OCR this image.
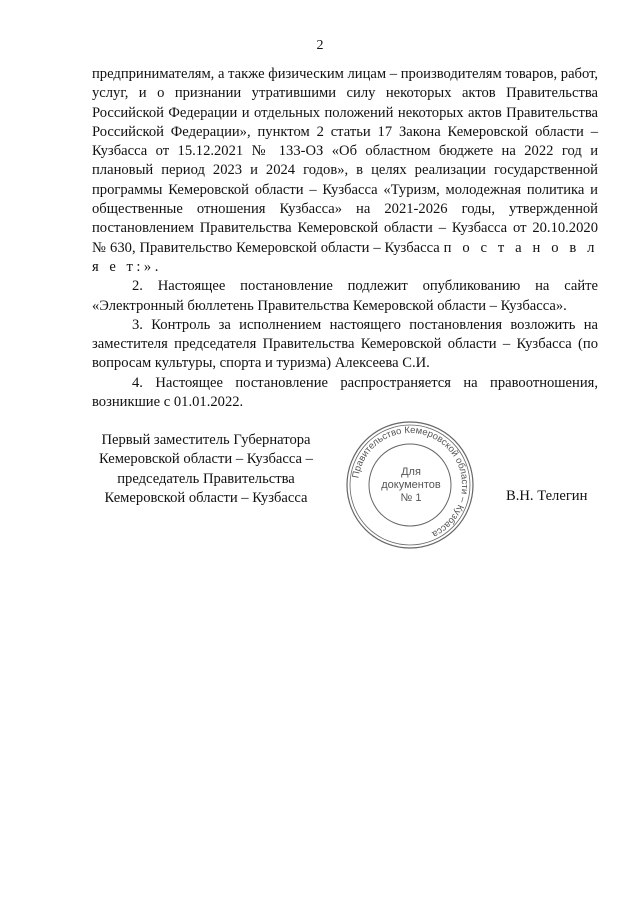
2

предпринимателям, а также физическим лицам – производителям товаров, работ, услуг, и о признании утратившими силу некоторых актов Правительства Российской Федерации и отдельных положений некоторых актов Правительства Российской Федерации», пунктом 2 статьи 17 Закона Кемеровской области – Кузбасса от 15.12.2021 № 133-ОЗ «Об областном бюджете на 2022 год и плановый период 2023 и 2024 годов», в целях реализации государственной программы Кемеровской области – Кузбасса «Туризм, молодежная политика и общественные отношения Кузбасса» на 2021-2026 годы, утвержденной постановлением Правительства Кемеровской области – Кузбасса от 20.10.2020 № 630, Правительство Кемеровской области – Кузбасса п о с т а н о в л я е т:».

2. Настоящее постановление подлежит опубликованию на сайте «Электронный бюллетень Правительства Кемеровской области – Кузбасса».

3. Контроль за исполнением настоящего постановления возложить на заместителя председателя Правительства Кемеровской области – Кузбасса (по вопросам культуры, спорта и туризма) Алексеева С.И.

4. Настоящее постановление распространяется на правоотношения, возникшие с 01.01.2022.

Первый заместитель Губернатора
Кемеровской области – Кузбасса –
председатель Правительства
Кемеровской области – Кузбасса	В.Н. Телегин
Правительство Кемеровской области – Кузбасса
Для
документов
№ 1
